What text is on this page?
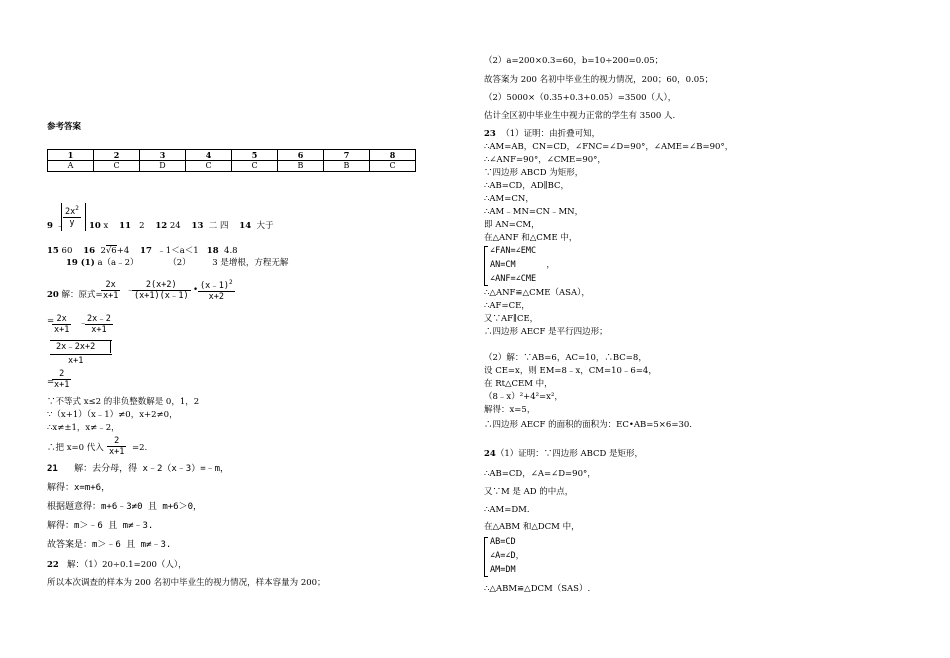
参考答案
1	2	3	4	5	6	7	8
A	C	D	C	C	B	B	C
9 ﹣
$\frac{2x^2}{y} 10$ x 11 2 12 24 13 二 四 14 大于
15 60 16 2√6+4 17 ﹣1＜a＜1 18 4.8
19 (1) a（a﹣2）	（2）	3 是增根，方程无解
20 解：原式=
$\frac{2x}{x+1}$ ﹣
$\frac{2(x+2)}{(x+1)(x﹣1)}$ • $\frac{(x﹣1)^2}{x+2}$
=
$\frac{2x}{x+1}$ ﹣
$\frac{2x﹣2}{x+1}$
2x﹣2x+2
x+1
=
$\frac{2}{x+1}$
∵不等式 x≤2 的非负整数解是 0，1，2
∵（x+1）（x﹣1）≠0，x+2≠0，
∴x≠±1，x≠﹣2，
∴把 x=0 代入 $\frac{2}{x+1} =2$.
21 解：去分母，得 x﹣2（x﹣3）=﹣m，
解得：x=m+6，
根据题意得：m+6﹣3≠0 且 m+6＞0，
解得：m＞﹣6 且 m≠﹣3.
故答案是：m＞﹣6 且 m≠﹣3.
22 解：（1）20÷0.1=200（人），
所以本次调查的样本为 200 名初中毕业生的视力情况，样本容量为 200；
（2）a=200×0.3=60，b=10÷200=0.05；
故答案为 200 名初中毕业生的视力情况，200；60，0.05；
（2）5000×（0.35+0.3+0.05）=3500（人），
估计全区初中毕业生中视力正常的学生有 3500 人.
23 （1）证明：由折叠可知，
∴AM=AB，CN=CD，∠FNC=∠D=90°，∠AME=∠B=90°，
∴∠ANF=90°，∠CME=90°，
∵四边形 ABCD 为矩形，
∴AB=CD，AD∥BC，
∴AM=CN，
∴AM﹣MN=CN﹣MN，
即 AN=CM，
在△ANF 和△CME 中，
∠FAN=∠EMC
AN=CM	，
∠ANF=∠CME
∴△ANF≌△CME（ASA），
∴AF=CE，
又∵AF∥CE，
∴四边形 AECF 是平行四边形；
（2）解：∵AB=6，AC=10，∴BC=8，
设 CE=x，则 EM=8﹣x，CM=10﹣6=4，
在 Rt△CEM 中，
（8﹣x）²+4²=x²，
解得：x=5，
∴四边形 AECF 的面积的面积为：EC•AB=5×6=30.
24（1）证明：∵四边形 ABCD 是矩形，
∴AB=CD，∠A=∠D=90°，
又∵M 是 AD 的中点，
∴AM=DM.
在△ABM 和△DCM 中，
AB=CD
∠A=∠D，
AM=DM
∴△ABM≌△DCM（SAS）.
